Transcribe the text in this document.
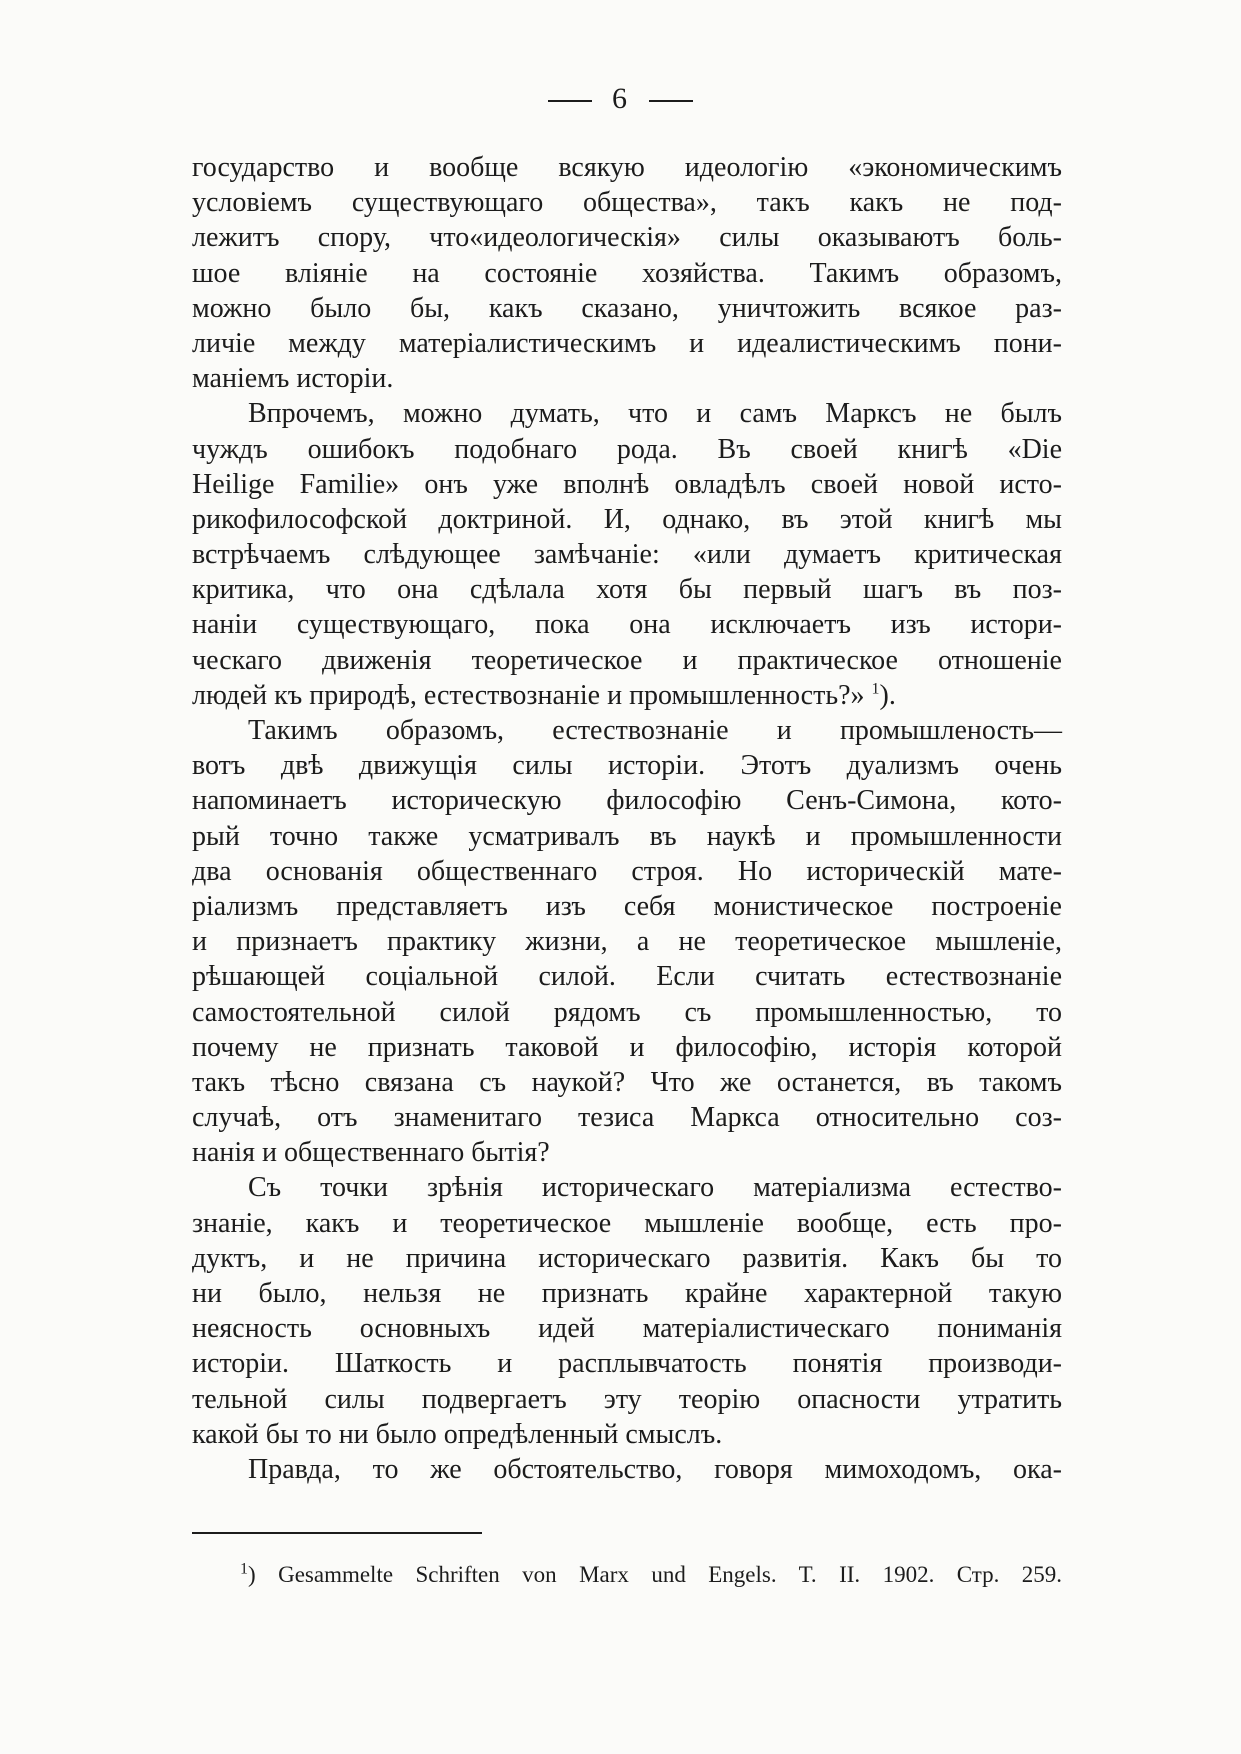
6
государство и вообще всякую идеологію «экономическимъ
условіемъ существующаго общества», такъ какъ не под-
лежитъ спору, что«идеологическія» силы оказываютъ боль-
шое вліяніе на состояніе хозяйства. Такимъ образомъ,
можно было бы, какъ сказано, уничтожить всякое раз-
личіе между матеріалистическимъ и идеалистическимъ пони-
маніемъ исторіи.
Впрочемъ, можно думать, что и самъ Марксъ не былъ
чуждъ ошибокъ подобнаго рода. Въ своей книгѣ «Die
Heilige Familie» онъ уже вполнѣ овладѣлъ своей новой исто-
рикофилософской доктриной. И, однако, въ этой книгѣ мы
встрѣчаемъ слѣдующее замѣчаніе: «или думаетъ критическая
критика, что она сдѣлала хотя бы первый шагъ въ поз-
наніи существующаго, пока она исключаетъ изъ истори-
ческаго движенія теоретическое и практическое отношеніе
людей къ природѣ, естествознаніе и промышленность?» $^1$).
Такимъ образомъ, естествознаніе и промышленость—
вотъ двѣ движущія силы исторіи. Этотъ дуализмъ очень
напоминаетъ историческую философію Сенъ-Симона, кото-
рый точно также усматривалъ въ наукѣ и промышленности
два основанія общественнаго строя. Но историческій мате-
ріализмъ представляетъ изъ себя монистическое построеніе
и признаетъ практику жизни, а не теоретическое мышленіе,
рѣшающей соціальной силой. Если считать естествознаніе
самостоятельной силой рядомъ съ промышленностью, то
почему не признать таковой и философію, исторія которой
такъ тѣсно связана съ наукой? Что же останется, въ такомъ
случаѣ, отъ знаменитаго тезиса Маркса относительно соз-
нанія и общественнаго бытія?
Съ точки зрѣнія историческаго матеріализма естество-
знаніе, какъ и теоретическое мышленіе вообще, есть про-
дуктъ, и не причина историческаго развитія. Какъ бы то
ни было, нельзя не признать крайне характерной такую
неясность основныхъ идей матеріалистическаго пониманія
исторіи. Шаткость и расплывчатость понятія производи-
тельной силы подвергаетъ эту теорію опасности утратить
какой бы то ни было опредѣленный смыслъ.
Правда, то же обстоятельство, говоря мимоходомъ, ока-
$^1$) Gesammelte Schriften von Marx und Engels. T. II. 1902. Стр. 259.
